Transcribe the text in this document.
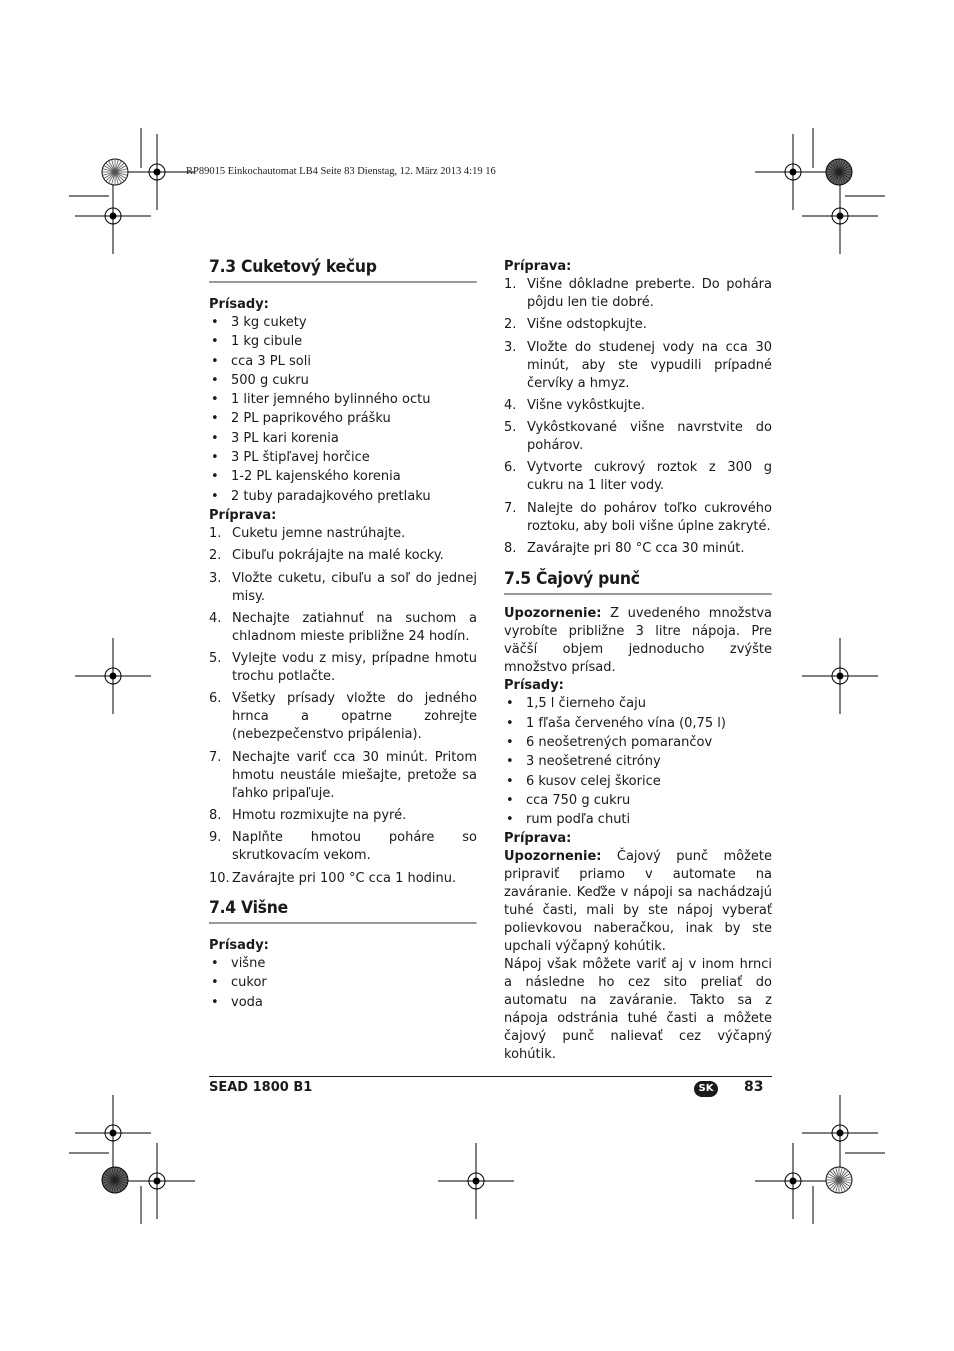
RP89015 Einkochautomat LB4 Seite 83 Dienstag, 12. März 2013 4:19 16
7.3 Cuketový kečup

Prísady:

• 3 kg cukety
• 1 kg cibule
• cca 3 PL soli
• 500 g cukru
• 1 liter jemného bylinného octu
• 2 PL paprikového prášku
• 3 PL kari korenia
• 3 PL štipľavej horčice
• 1-2 PL kajenského korenia
• 2 tuby paradajkového pretlaku

Príprava:

1. Cuketu jemne nastrúhajte.
2. Cibuľu pokrájajte na malé kocky.
3. Vložte cuketu, cibuľu a soľ do jednej misy.
4. Nechajte zatiahnuť na suchom a chladnom mieste približne 24 hodín.
5. Vylejte vodu z misy, prípadne hmotu trochu potlačte.
6. Všetky prísady vložte do jedného hrnca a opatrne zohrejte (nebezpečenstvo pripálenia).
7. Nechajte variť cca 30 minút. Pritom hmotu neustále miešajte, pretože sa ľahko pripaľuje.
8. Hmotu rozmixujte na pyré.
9. Naplňte hmotou poháre so skrutkovacím vekom.
10. Zavárajte pri 100 °C cca 1 hodinu.
7.4 Višne

Prísady:

• višne
• cukor
• voda

Príprava:

1. Višne dôkladne preberte. Do pohára pôjdu len tie dobré.
2. Višne odstopkujte.
3. Vložte do studenej vody na cca 30 minút, aby ste vypudili prípadné červíky a hmyz.
4. Višne vykôstkujte.
5. Vykôstkované višne navrstvite do pohárov.
6. Vytvorte cukrový roztok z 300 g cukru na 1 liter vody.
7. Nalejte do pohárov toľko cukrového roztoku, aby boli višne úplne zakryté.
8. Zavárajte pri 80 °C cca 30 minút.
7.5 Čajový punč

Upozornenie: Z uvedeného množstva vyrobíte približne 3 litre nápoja. Pre väčší objem jednoducho zvýšte množstvo prísad.

Prísady:

• 1,5 l čierneho čaju
• 1 fľaša červeného vína (0,75 l)
• 6 neošetrených pomarančov
• 3 neošetrené citróny
• 6 kusov celej škorice
• cca 750 g cukru
• rum podľa chuti

Príprava:

Upozornenie: Čajový punč môžete pripraviť priamo v automate na zaváranie. Keďže v nápoji sa nachádzajú tuhé časti, mali by ste nápoj vyberať polievkovou naberačkou, inak by ste upchali výčapný kohútik.

Nápoj však môžete variť aj v inom hrnci a následne ho cez sito preliať do automatu na zaváranie. Takto sa z nápoja odstránia tuhé časti a môžete čajový punč nalievať cez výčapný kohútik.

SEAD 1800 B1	SK	83
